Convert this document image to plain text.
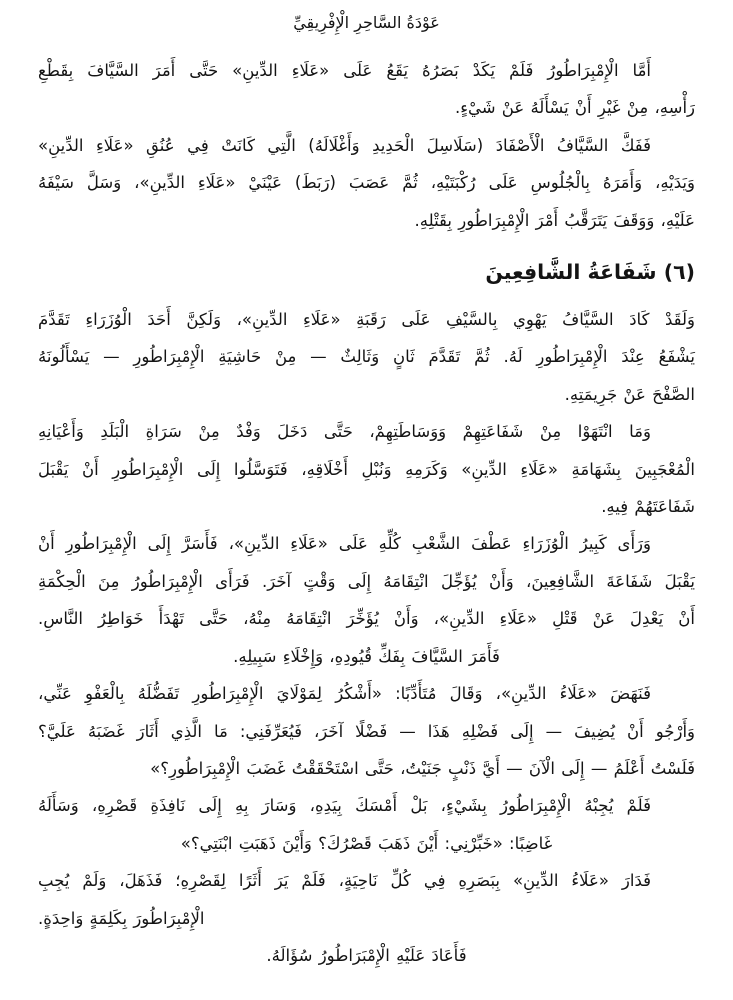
عَوْدَةُ السَّاحِرِ الْإِفْرِيقِيِّ
أَمَّا الْإِمْبِرَاطُورُ فَلَمْ يَكَدْ بَصَرُهُ يَقَعُ عَلَى «عَلَاءِ الدِّينِ» حَتَّى أَمَرَ السَّيَّافَ بِقَطْعِ
رَأْسِهِ، مِنْ غَيْرِ أَنْ يَسْأَلَهُ عَنْ شَيْءٍ.
فَفَكَّ السَّيَّافُ الْأَصْفَادَ (سَلَاسِلَ الْحَدِيدِ وَأَغْلَالَهُ) الَّتِي كَانَتْ فِي عُنُقِ «عَلَاءِ الدِّينِ»
وَيَدَيْهِ، وَأَمَرَهُ بِالْجُلُوسِ عَلَى رُكْبَتَيْهِ، ثُمَّ عَصَبَ (رَبَطَ) عَيْنَيْ «عَلَاءِ الدِّينِ»، وَسَلَّ سَيْفَهُ
عَلَيْهِ، وَوَقَفَ يَتَرَقَّبُ أَمْرَ الْإِمْبِرَاطُورِ بِقَتْلِهِ.
(٦) شَفَاعَةُ الشَّافِعِينَ
وَلَقَدْ كَادَ السَّيَّافُ يَهْوِي بِالسَّيْفِ عَلَى رَقَبَةِ «عَلَاءِ الدِّينِ»، وَلَكِنَّ أَحَدَ الْوُزَرَاءِ تَقَدَّمَ
يَشْفَعُ عِنْدَ الْإِمْبِرَاطُورِ لَهُ. ثُمَّ تَقَدَّمَ ثَانٍ وَثَالِثٌ — مِنْ حَاشِيَةِ الْإِمْبِرَاطُورِ — يَسْأَلُونَهُ
الصَّفْحَ عَنْ جَرِيمَتِهِ.
وَمَا انْتَهَوْا مِنْ شَفَاعَتِهِمْ وَوَسَاطَتِهِمْ، حَتَّى دَخَلَ وَفْدٌ مِنْ سَرَاةِ الْبَلَدِ وَأَعْيَانِهِ
الْمُعْجَبِينَ بِشَهَامَةِ «عَلَاءِ الدِّينِ» وَكَرَمِهِ وَنُبْلِ أَخْلَاقِهِ، فَتَوَسَّلُوا إِلَى الْإِمْبِرَاطُورِ أَنْ يَقْبَلَ
شَفَاعَتَهُمْ فِيهِ.
وَرَأَى كَبِيرُ الْوُزَرَاءِ عَطْفَ الشَّعْبِ كُلِّهِ عَلَى «عَلَاءِ الدِّينِ»، فَأَسَرَّ إِلَى الْإِمْبِرَاطُورِ أَنْ
يَقْبَلَ شَفَاعَةَ الشَّافِعِينَ، وَأَنْ يُؤَجِّلَ انْتِقَامَهُ إِلَى وَقْتٍ آخَرَ. فَرَأَى الْإِمْبِرَاطُورُ مِنَ الْحِكْمَةِ
أَنْ يَعْدِلَ عَنْ قَتْلِ «عَلَاءِ الدِّينِ»، وَأَنْ يُؤَخِّرَ انْتِقَامَهُ مِنْهُ، حَتَّى تَهْدَأَ خَوَاطِرُ النَّاسِ.
فَأَمَرَ السَّيَّافَ بِفَكِّ قُيُودِهِ، وَإِخْلَاءِ سَبِيلِهِ.
فَنَهَضَ «عَلَاءُ الدِّينِ»، وَقَالَ مُتَأَدِّبًا: «أَشْكُرُ لِمَوْلَايَ الْإِمْبِرَاطُورِ تَفَضُّلَهُ بِالْعَفْوِ عَنِّي،
وَأَرْجُو أَنْ يُضِيفَ — إِلَى فَضْلِهِ هَذَا — فَضْلًا آخَرَ، فَيُعَرِّفَنِي: مَا الَّذِي أَثَارَ غَضَبَهُ عَلَيَّ؟
فَلَسْتُ أَعْلَمُ — إِلَى الْآنَ — أَيَّ ذَنْبٍ جَنَيْتُ، حَتَّى اسْتَحْقَقْتُ غَضَبَ الْإِمْبِرَاطُورِ؟»
فَلَمْ يُجِبْهُ الْإِمْبِرَاطُورُ بِشَيْءٍ، بَلْ أَمْسَكَ بِيَدِهِ، وَسَارَ بِهِ إِلَى نَافِذَةِ قَصْرِهِ، وَسَأَلَهُ
غَاضِبًا: «خَبِّرْنِي: أَيْنَ ذَهَبَ قَصْرُكَ؟ وَأَيْنَ ذَهَبَتِ ابْنَتِي؟»
فَدَارَ «عَلَاءُ الدِّينِ» بِبَصَرِهِ فِي كُلِّ نَاحِيَةٍ، فَلَمْ يَرَ أَثَرًا لِقَصْرِهِ؛ فَذَهَلَ، وَلَمْ يُجِبِ
الْإِمْبِرَاطُورَ بِكَلِمَةٍ وَاحِدَةٍ.
فَأَعَادَ عَلَيْهِ الْإِمْبَرَاطُورُ سُؤَالَهُ.
